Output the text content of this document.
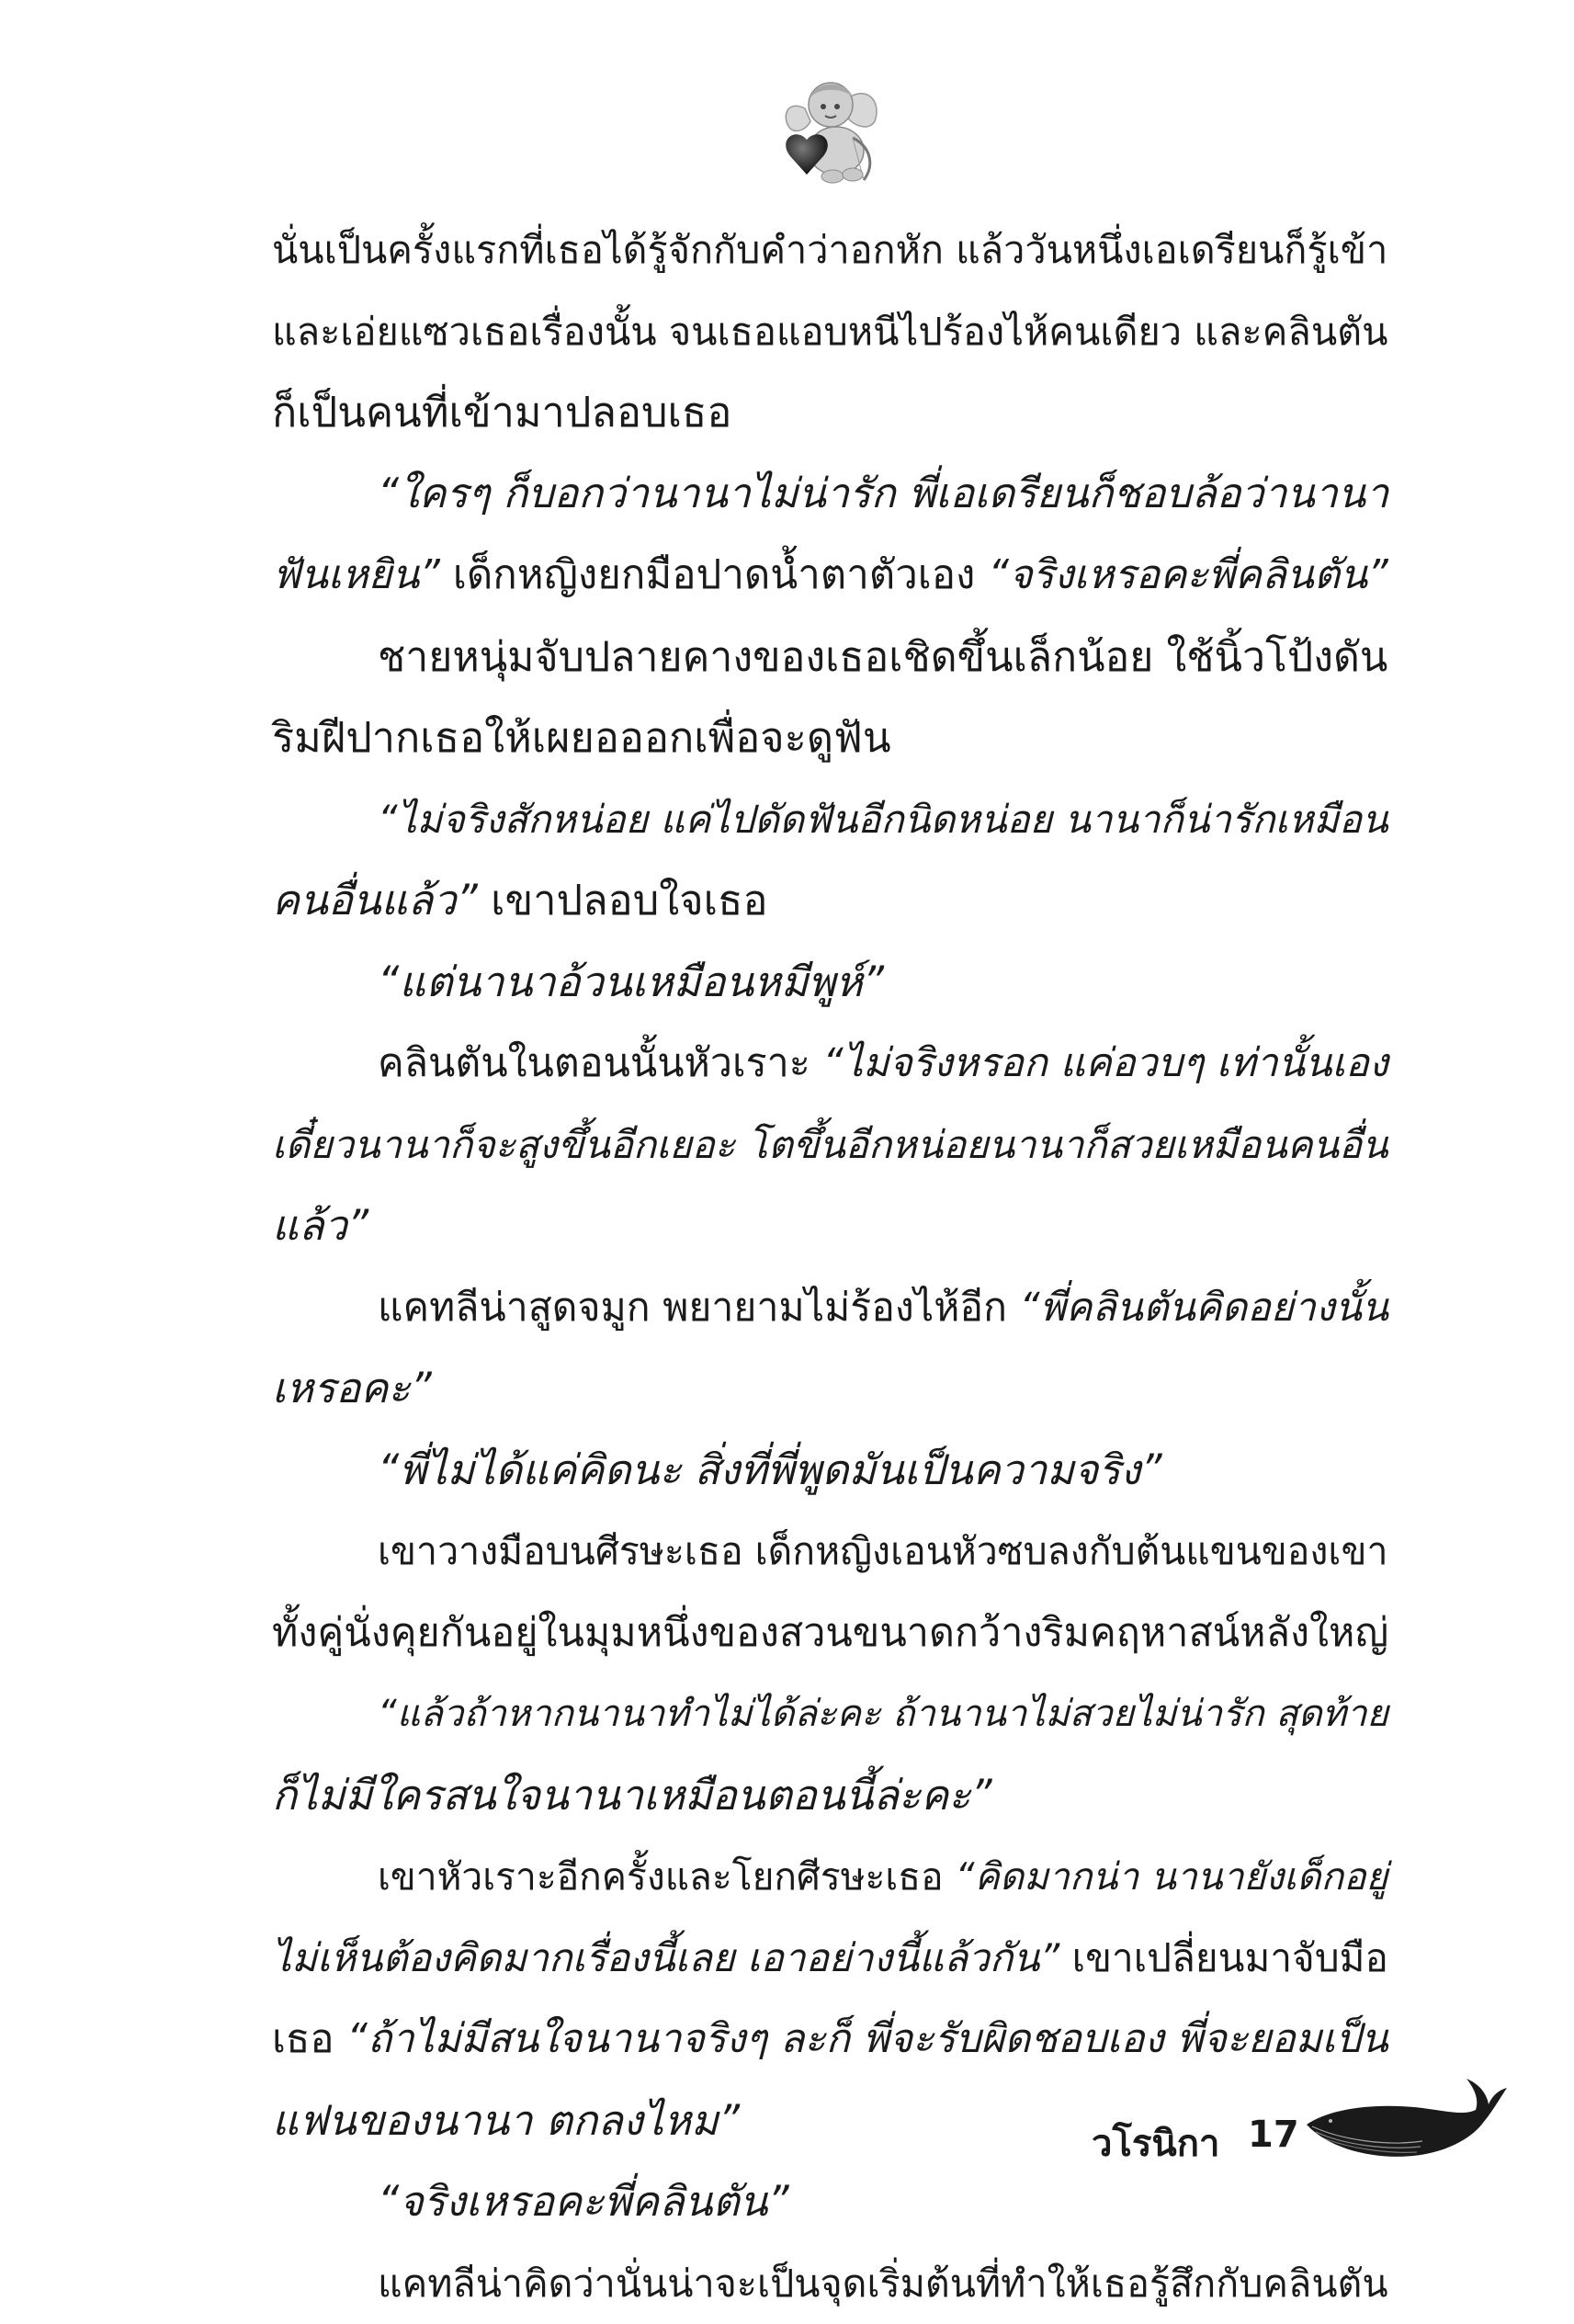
นั่นเป็นครั้งแรกที่เธอได้รู้จักกับคำว่าอกหัก แล้ววันหนึ่งเอเดรียนก็รู้เข้า
และเอ่ยแซวเธอเรื่องนั้น จนเธอแอบหนีไปร้องไห้คนเดียว และคลินตัน
ก็เป็นคนที่เข้ามาปลอบเธอ
“ใครๆ ก็บอกว่านานาไม่น่ารัก พี่เอเดรียนก็ชอบล้อว่านานา
ฟันเหยิน” เด็กหญิงยกมือปาดน้ำตาตัวเอง “จริงเหรอคะพี่คลินตัน”
ชายหนุ่มจับปลายคางของเธอเชิดขึ้นเล็กน้อย ใช้นิ้วโป้งดัน
ริมฝีปากเธอให้เผยอออกเพื่อจะดูฟัน
“ไม่จริงสักหน่อย แค่ไปดัดฟันอีกนิดหน่อย นานาก็น่ารักเหมือน
คนอื่นแล้ว” เขาปลอบใจเธอ
“แต่นานาอ้วนเหมือนหมีพูห์”
คลินตันในตอนนั้นหัวเราะ “ไม่จริงหรอก แค่อวบๆ เท่านั้นเอง
เดี๋ยวนานาก็จะสูงขึ้นอีกเยอะ โตขึ้นอีกหน่อยนานาก็สวยเหมือนคนอื่น
แล้ว”
แคทลีน่าสูดจมูก พยายามไม่ร้องไห้อีก “พี่คลินตันคิดอย่างนั้น
เหรอคะ”
“พี่ไม่ได้แค่คิดนะ สิ่งที่พี่พูดมันเป็นความจริง”
เขาวางมือบนศีรษะเธอ เด็กหญิงเอนหัวซบลงกับต้นแขนของเขา
ทั้งคู่นั่งคุยกันอยู่ในมุมหนึ่งของสวนขนาดกว้างริมคฤหาสน์หลังใหญ่
“แล้วถ้าหากนานาทำไม่ได้ล่ะคะ ถ้านานาไม่สวยไม่น่ารัก สุดท้าย
ก็ไม่มีใครสนใจนานาเหมือนตอนนี้ล่ะคะ”
เขาหัวเราะอีกครั้งและโยกศีรษะเธอ “คิดมากน่า นานายังเด็กอยู่
ไม่เห็นต้องคิดมากเรื่องนี้เลย เอาอย่างนี้แล้วกัน” เขาเปลี่ยนมาจับมือ
เธอ “ถ้าไม่มีสนใจนานาจริงๆ ละก็ พี่จะรับผิดชอบเอง พี่จะยอมเป็น
แฟนของนานา ตกลงไหม”
“จริงเหรอคะพี่คลินตัน”
แคทลีน่าคิดว่านั่นน่าจะเป็นจุดเริ่มต้นที่ทำให้เธอรู้สึกกับคลินตัน
วโรนิกา 17
